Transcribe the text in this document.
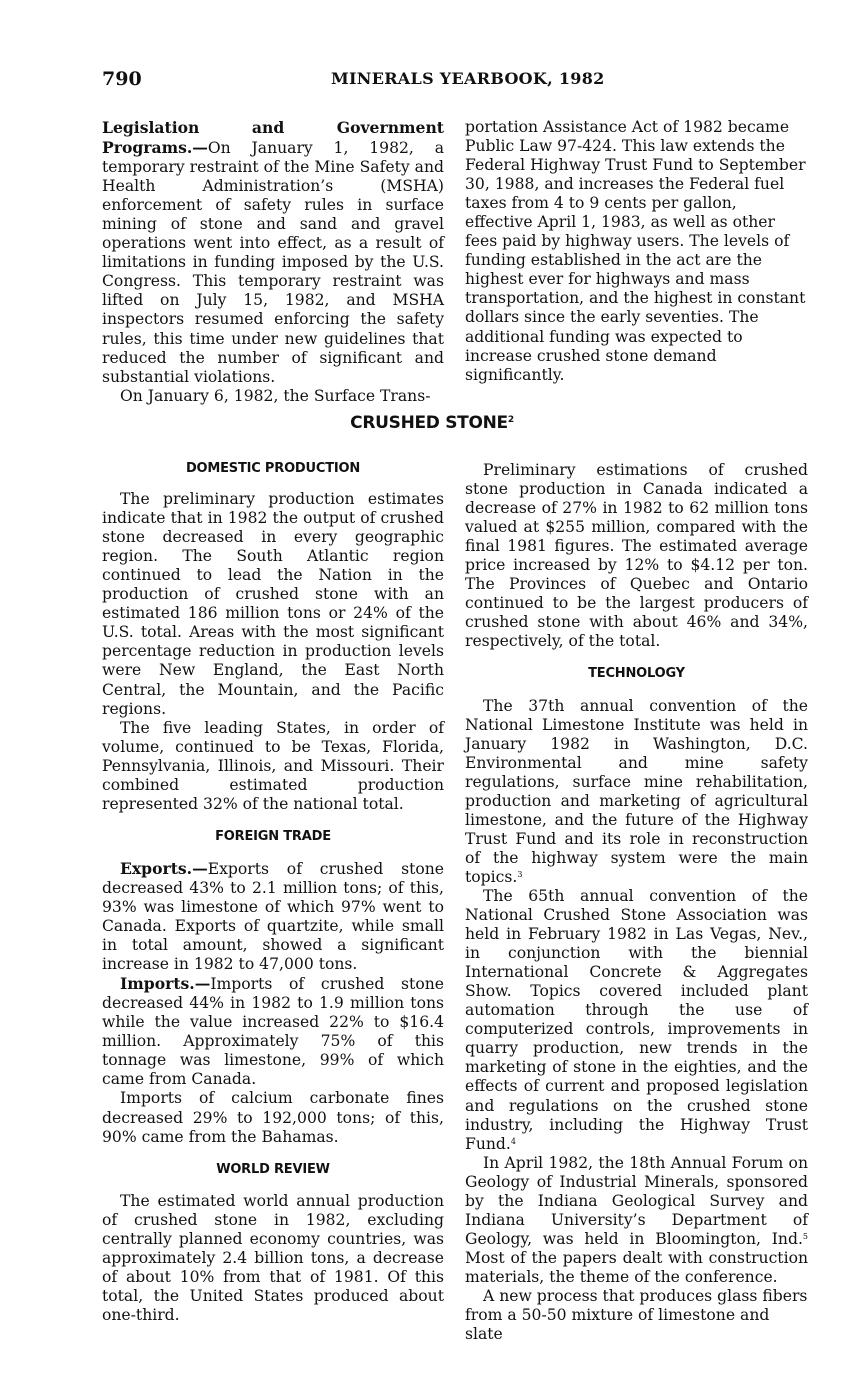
790	MINERALS YEARBOOK, 1982

Legislation and Government Programs.—On January 1, 1982, a temporary restraint of the Mine Safety and Health Administration’s (MSHA) enforcement of safety rules in surface mining of stone and sand and gravel operations went into effect, as a result of limitations in funding imposed by the U.S. Congress. This temporary restraint was lifted on July 15, 1982, and MSHA inspectors resumed enforcing the safety rules, this time under new guidelines that reduced the number of significant and substantial violations.

On January 6, 1982, the Surface Trans-

portation Assistance Act of 1982 became Public Law 97-424. This law extends the Federal Highway Trust Fund to September 30, 1988, and increases the Federal fuel taxes from 4 to 9 cents per gallon, effective April 1, 1983, as well as other fees paid by highway users. The levels of funding established in the act are the highest ever for highways and mass transportation, and the highest in constant dollars since the early seventies. The additional funding was expected to increase crushed stone demand significantly.

CRUSHED STONE$^2$
DOMESTIC PRODUCTION

The preliminary production estimates indicate that in 1982 the output of crushed stone decreased in every geographic region. The South Atlantic region continued to lead the Nation in the production of crushed stone with an estimated 186 million tons or 24% of the U.S. total. Areas with the most significant percentage reduction in production levels were New England, the East North Central, the Mountain, and the Pacific regions.

The five leading States, in order of volume, continued to be Texas, Florida, Pennsylvania, Illinois, and Missouri. Their combined estimated production represented 32% of the national total.

FOREIGN TRADE

Exports.—Exports of crushed stone decreased 43% to 2.1 million tons; of this, 93% was limestone of which 97% went to Canada. Exports of quartzite, while small in total amount, showed a significant increase in 1982 to 47,000 tons.

Imports.—Imports of crushed stone decreased 44% in 1982 to 1.9 million tons while the value increased 22% to $16.4 million. Approximately 75% of this tonnage was limestone, 99% of which came from Canada.

Imports of calcium carbonate fines decreased 29% to 192,000 tons; of this, 90% came from the Bahamas.

WORLD REVIEW

The estimated world annual production of crushed stone in 1982, excluding centrally planned economy countries, was approximately 2.4 billion tons, a decrease of about 10% from that of 1981. Of this total, the United States produced about one-third.

Preliminary estimations of crushed stone production in Canada indicated a decrease of 27% in 1982 to 62 million tons valued at $255 million, compared with the final 1981 figures. The estimated average price increased by 12% to $4.12 per ton. The Provinces of Quebec and Ontario continued to be the largest producers of crushed stone with about 46% and 34%, respectively, of the total.

TECHNOLOGY

The 37th annual convention of the National Limestone Institute was held in January 1982 in Washington, D.C. Environmental and mine safety regulations, surface mine rehabilitation, production and marketing of agricultural limestone, and the future of the Highway Trust Fund and its role in reconstruction of the highway system were the main topics.$^3$

The 65th annual convention of the National Crushed Stone Association was held in February 1982 in Las Vegas, Nev., in conjunction with the biennial International Concrete & Aggregates Show. Topics covered included plant automation through the use of computerized controls, improvements in quarry production, new trends in the marketing of stone in the eighties, and the effects of current and proposed legislation and regulations on the crushed stone industry, including the Highway Trust Fund.$^4$

In April 1982, the 18th Annual Forum on Geology of Industrial Minerals, sponsored by the Indiana Geological Survey and Indiana University’s Department of Geology, was held in Bloomington, Ind.$^5$ Most of the papers dealt with construction materials, the theme of the conference.

A new process that produces glass fibers from a 50-50 mixture of limestone and slate
